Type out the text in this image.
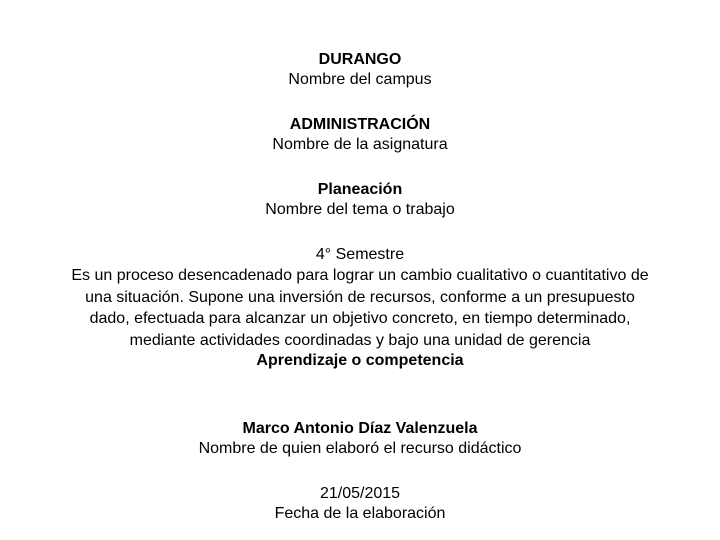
DURANGO
Nombre del campus
ADMINISTRACIÓN
Nombre de la asignatura
Planeación
Nombre del tema o trabajo
4° Semestre
Es un proceso desencadenado para lograr un cambio cualitativo o cuantitativo de una situación. Supone una inversión de recursos, conforme a un presupuesto dado, efectuada para alcanzar un objetivo concreto, en tiempo determinado, mediante actividades coordinadas y bajo una unidad de gerencia
Aprendizaje o competencia
Marco Antonio Díaz Valenzuela
Nombre de quien elaboró el recurso didáctico
21/05/2015
Fecha de la elaboración
